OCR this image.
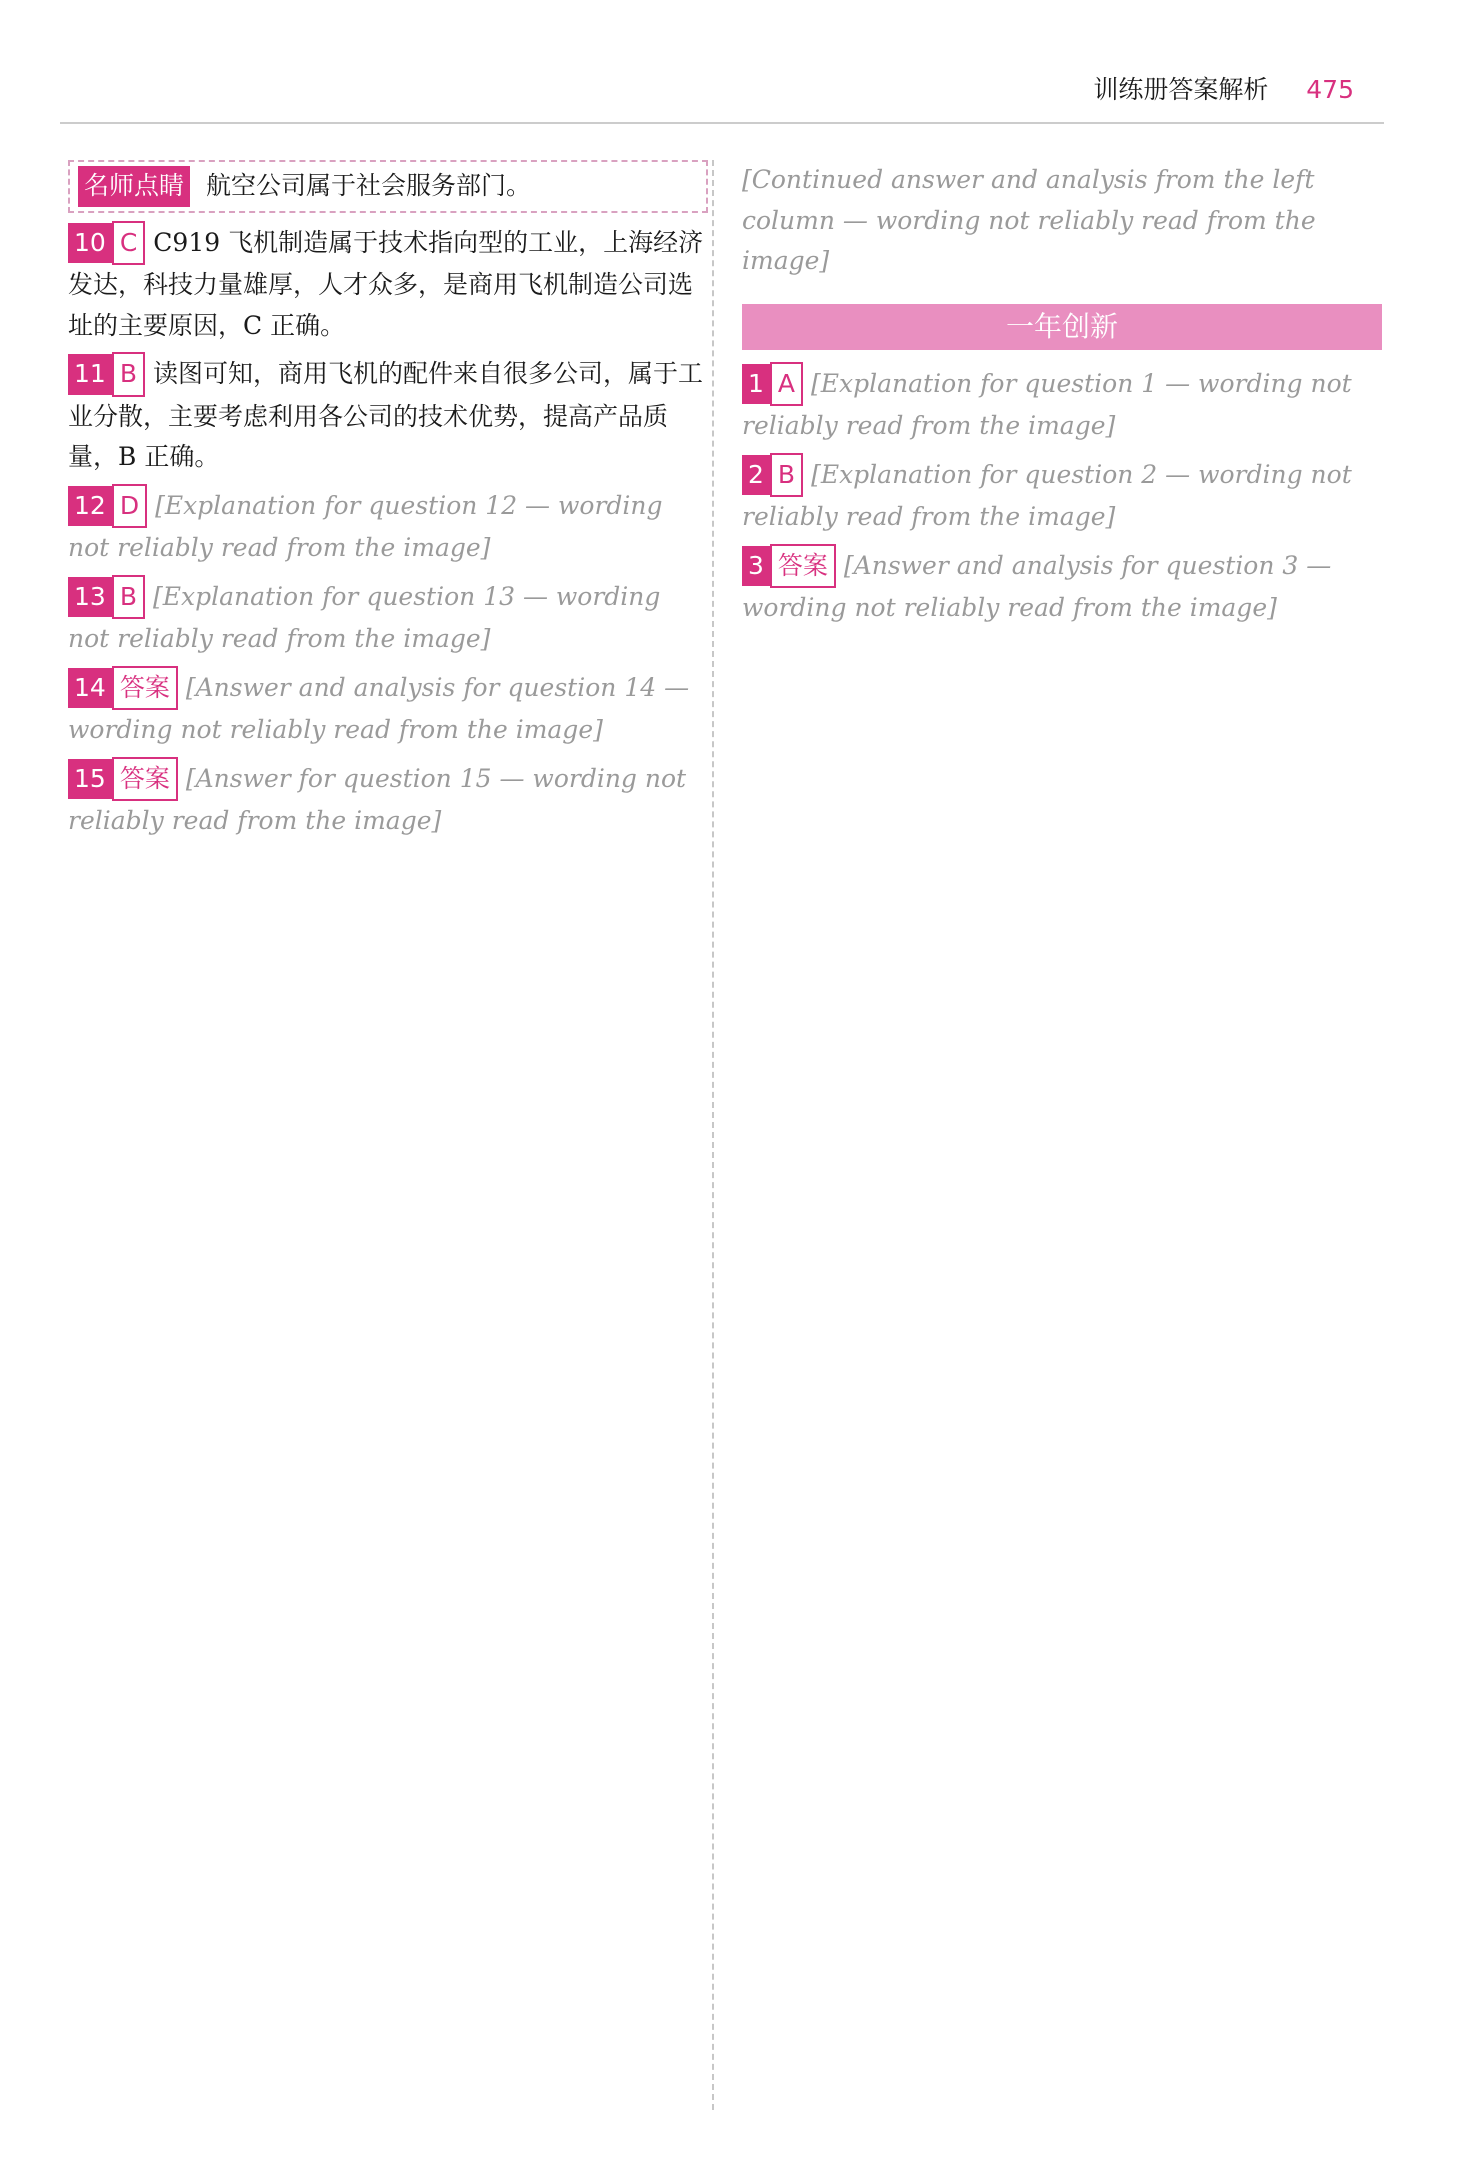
训练册答案解析 475
名师点睛 航空公司属于社会服务部门。

10 C C919 飞机制造属于技术指向型的工业，上海经济发达，科技力量雄厚，人才众多，是商用飞机制造公司选址的主要原因，C 正确。

11 B 读图可知，商用飞机的配件来自很多公司，属于工业分散，主要考虑利用各公司的技术优势，提高产品质量，B 正确。

12 D [Explanation for question 12 — wording not reliably read from the image]

13 B [Explanation for question 13 — wording not reliably read from the image]

14 答案 [Answer and analysis for question 14 — wording not reliably read from the image]

15 答案 [Answer for question 15 — wording not reliably read from the image]

[Continued answer and analysis from the left column — wording not reliably read from the image]

一年创新

1 A [Explanation for question 1 — wording not reliably read from the image]

2 B [Explanation for question 2 — wording not reliably read from the image]

3 答案 [Answer and analysis for question 3 — wording not reliably read from the image]
